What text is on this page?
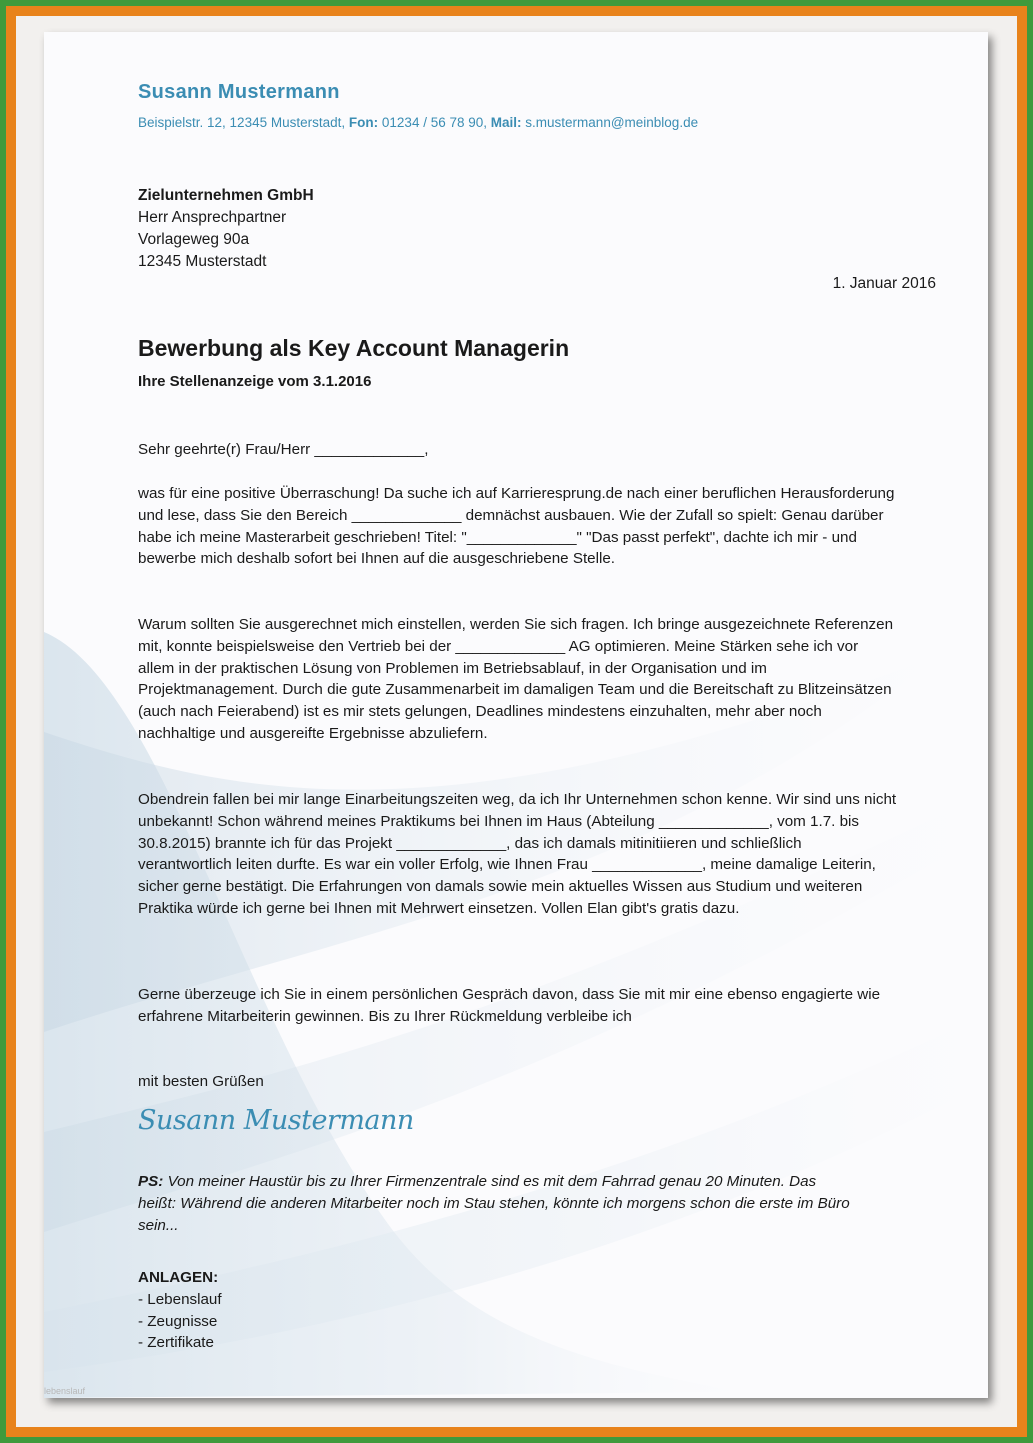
Susann Mustermann
Beispielstr. 12, 12345 Musterstadt, Fon: 01234 / 56 78 90, Mail: s.mustermann@meinblog.de
Zielunternehmen GmbH
Herr Ansprechpartner
Vorlageweg 90a
12345 Musterstadt
1. Januar 2016
Bewerbung als Key Account Managerin
Ihre Stellenanzeige vom 3.1.2016
Sehr geehrte(r) Frau/Herr _____________,

was für eine positive Überraschung! Da suche ich auf Karrieresprung.de nach einer beruflichen Herausforderung und lese, dass Sie den Bereich _____________ demnächst ausbauen. Wie der Zufall so spielt: Genau darüber habe ich meine Masterarbeit geschrieben! Titel: "_____________" "Das passt perfekt", dachte ich mir - und bewerbe mich deshalb sofort bei Ihnen auf die ausgeschriebene Stelle.

Warum sollten Sie ausgerechnet mich einstellen, werden Sie sich fragen. Ich bringe ausgezeichnete Referenzen mit, konnte beispielsweise den Vertrieb bei der _____________ AG optimieren. Meine Stärken sehe ich vor allem in der praktischen Lösung von Problemen im Betriebsablauf, in der Organisation und im Projektmanagement. Durch die gute Zusammenarbeit im damaligen Team und die Bereitschaft zu Blitzeinsätzen (auch nach Feierabend) ist es mir stets gelungen, Deadlines mindestens einzuhalten, mehr aber noch nachhaltige und ausgereifte Ergebnisse abzuliefern.

Obendrein fallen bei mir lange Einarbeitungszeiten weg, da ich Ihr Unternehmen schon kenne. Wir sind uns nicht unbekannt! Schon während meines Praktikums bei Ihnen im Haus (Abteilung _____________, vom 1.7. bis 30.8.2015) brannte ich für das Projekt _____________, das ich damals mitinitiieren und schließlich verantwortlich leiten durfte. Es war ein voller Erfolg, wie Ihnen Frau _____________, meine damalige Leiterin, sicher gerne bestätigt. Die Erfahrungen von damals sowie mein aktuelles Wissen aus Studium und weiteren Praktika würde ich gerne bei Ihnen mit Mehrwert einsetzen. Vollen Elan gibt's gratis dazu.

Gerne überzeuge ich Sie in einem persönlichen Gespräch davon, dass Sie mit mir eine ebenso engagierte wie erfahrene Mitarbeiterin gewinnen. Bis zu Ihrer Rückmeldung verbleibe ich

mit besten Grüßen
Susann Mustermann
PS: Von meiner Haustür bis zu Ihrer Firmenzentrale sind es mit dem Fahrrad genau 20 Minuten. Das heißt: Während die anderen Mitarbeiter noch im Stau stehen, könnte ich morgens schon die erste im Büro sein...
ANLAGEN:
- Lebenslauf
- Zeugnisse
- Zertifikate
lebenslauf
